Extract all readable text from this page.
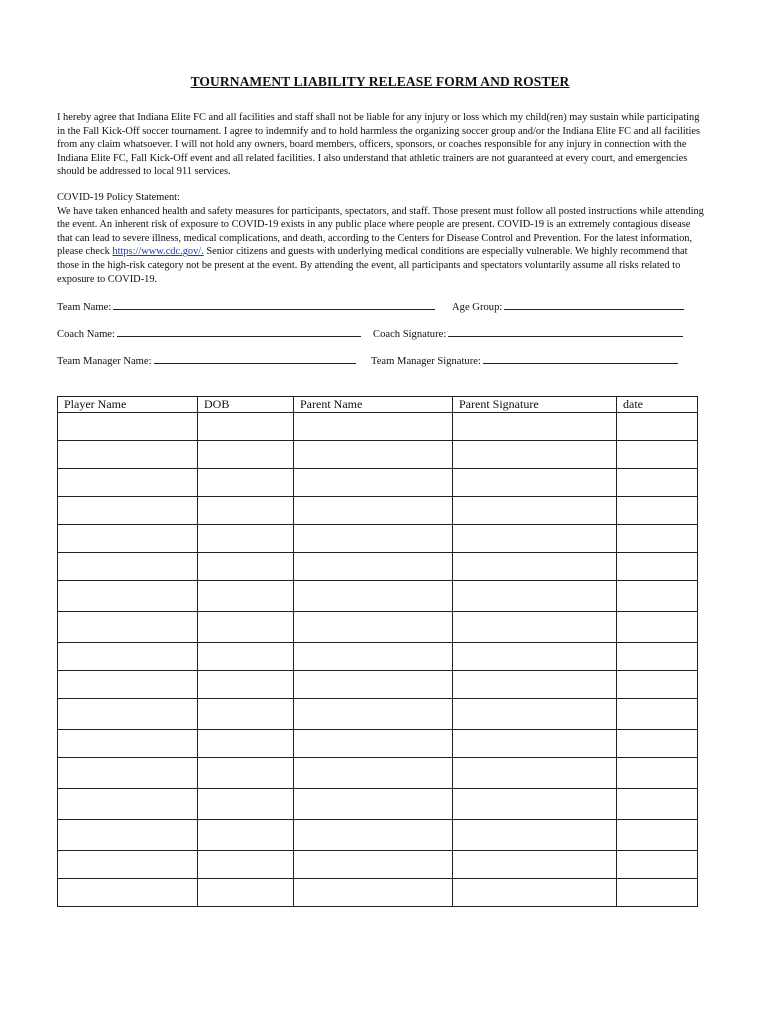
TOURNAMENT LIABILITY RELEASE FORM AND ROSTER

I hereby agree that Indiana Elite FC and all facilities and staff shall not be liable for any injury or loss which my child(ren) may sustain while participating in the Fall Kick-Off soccer tournament. I agree to indemnify and to hold harmless the organizing soccer group and/or the Indiana Elite FC and all facilities from any claim whatsoever. I will not hold any owners, board members, officers, sponsors, or coaches responsible for any injury in connection with the Indiana Elite FC, Fall Kick-Off event and all related facilities. I also understand that athletic trainers are not guaranteed at every court, and emergencies should be addressed to local 911 services.

COVID-19 Policy Statement:
We have taken enhanced health and safety measures for participants, spectators, and staff. Those present must follow all posted instructions while attending the event. An inherent risk of exposure to COVID-19 exists in any public place where people are present. COVID-19 is an extremely contagious disease that can lead to severe illness, medical complications, and death, according to the Centers for Disease Control and Prevention. For the latest information, please check https://www.cdc.gov/. Senior citizens and guests with underlying medical conditions are especially vulnerable. We highly recommend that those in the high-risk category not be present at the event. By attending the event, all participants and spectators voluntarily assume all risks related to exposure to COVID-19.
Team Name:	Age Group:
Coach Name:	Coach Signature:
Team Manager Name:	Team Manager Signature:
Player Name	DOB	Parent Name	Parent Signature	date
